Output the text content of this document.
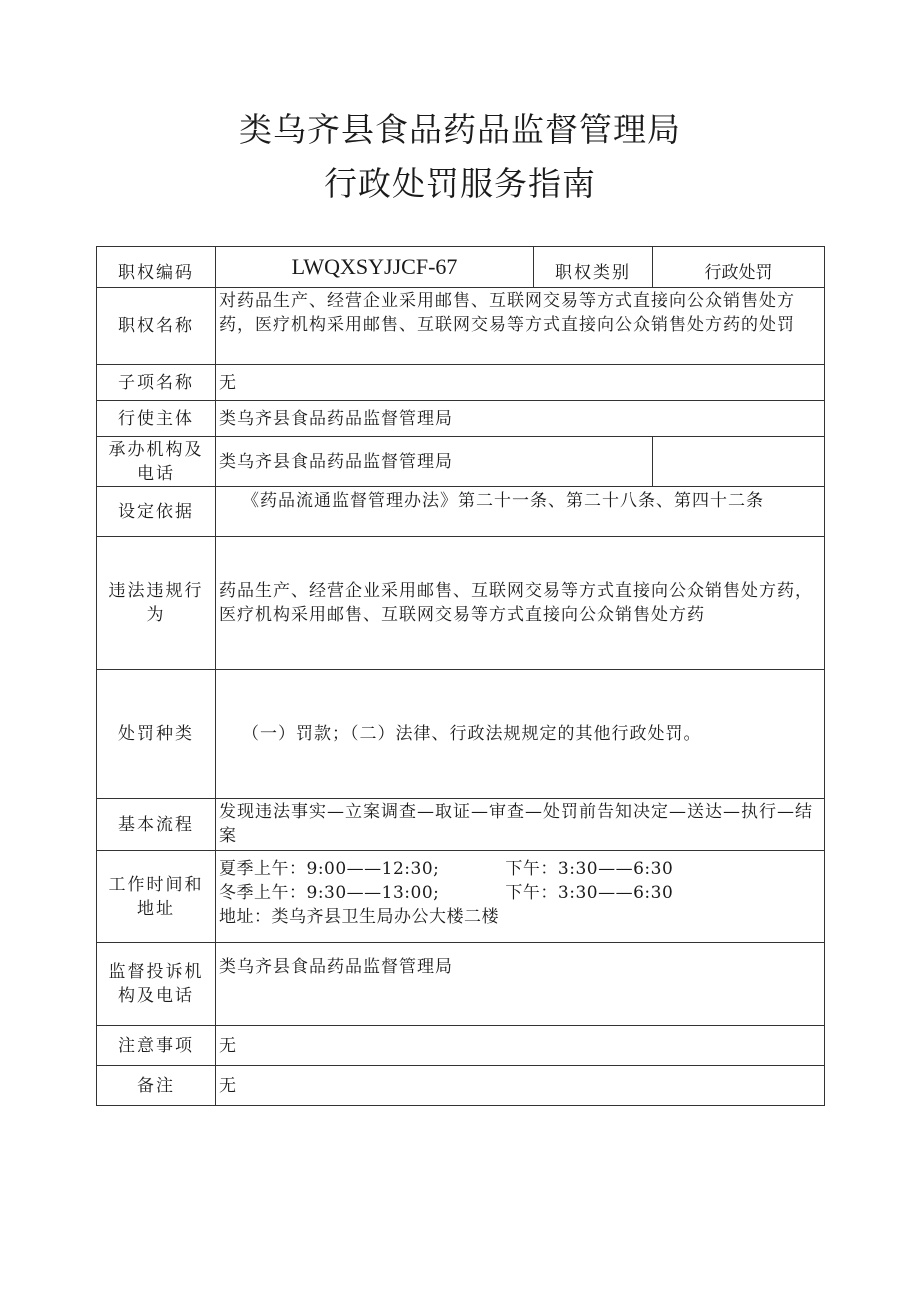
类乌齐县食品药品监督管理局
行政处罚服务指南
职权编码	LWQXSYJJCF-67	职权类别	行政处罚
职权名称	对药品生产、经营企业采用邮售、互联网交易等方式直接向公众销售处方药，医疗机构采用邮售、互联网交易等方式直接向公众销售处方药的处罚		
子项名称	无		
行使主体	类乌齐县食品药品监督管理局		
承办机构及电话	类乌齐县食品药品监督管理局		
设定依据	《药品流通监督管理办法》第二十一条、第二十八条、第四十二条		
违法违规行为	药品生产、经营企业采用邮售、互联网交易等方式直接向公众销售处方药，医疗机构采用邮售、互联网交易等方式直接向公众销售处方药		
处罚种类	（一）罚款；（二）法律、行政法规规定的其他行政处罚。		
基本流程	发现违法事实—立案调查—取证—审查—处罚前告知决定—送达—执行—结案		
工作时间和地址	夏季上午：9:00——12:30; 下午：3:30——6:30
冬季上午：9:30——13:00; 下午：3:30——6:30
地址：类乌齐县卫生局办公大楼二楼		

监督投诉机构及电话	类乌齐县食品药品监督管理局		
注意事项	无		
备注	无		
